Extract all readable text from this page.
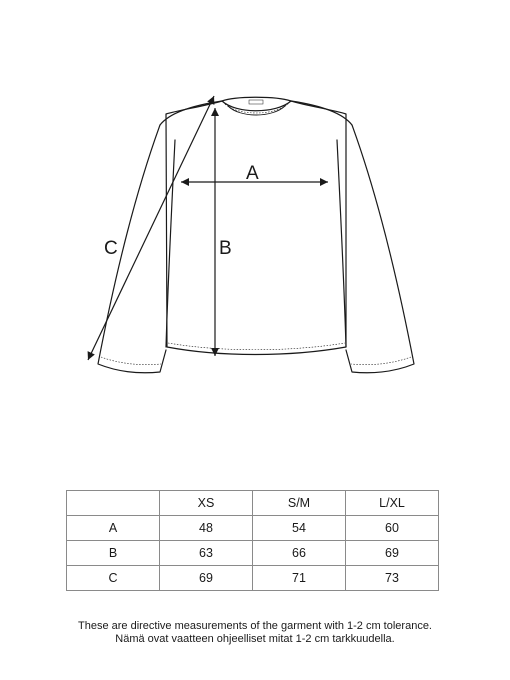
A
B
C
	XS	S/M	L/XL
A	48	54	60
B	63	66	69
C	69	71	73
These are directive measurements of the garment with 1-2 cm tolerance.
Nämä ovat vaatteen ohjeelliset mitat 1-2 cm tarkkuudella.
